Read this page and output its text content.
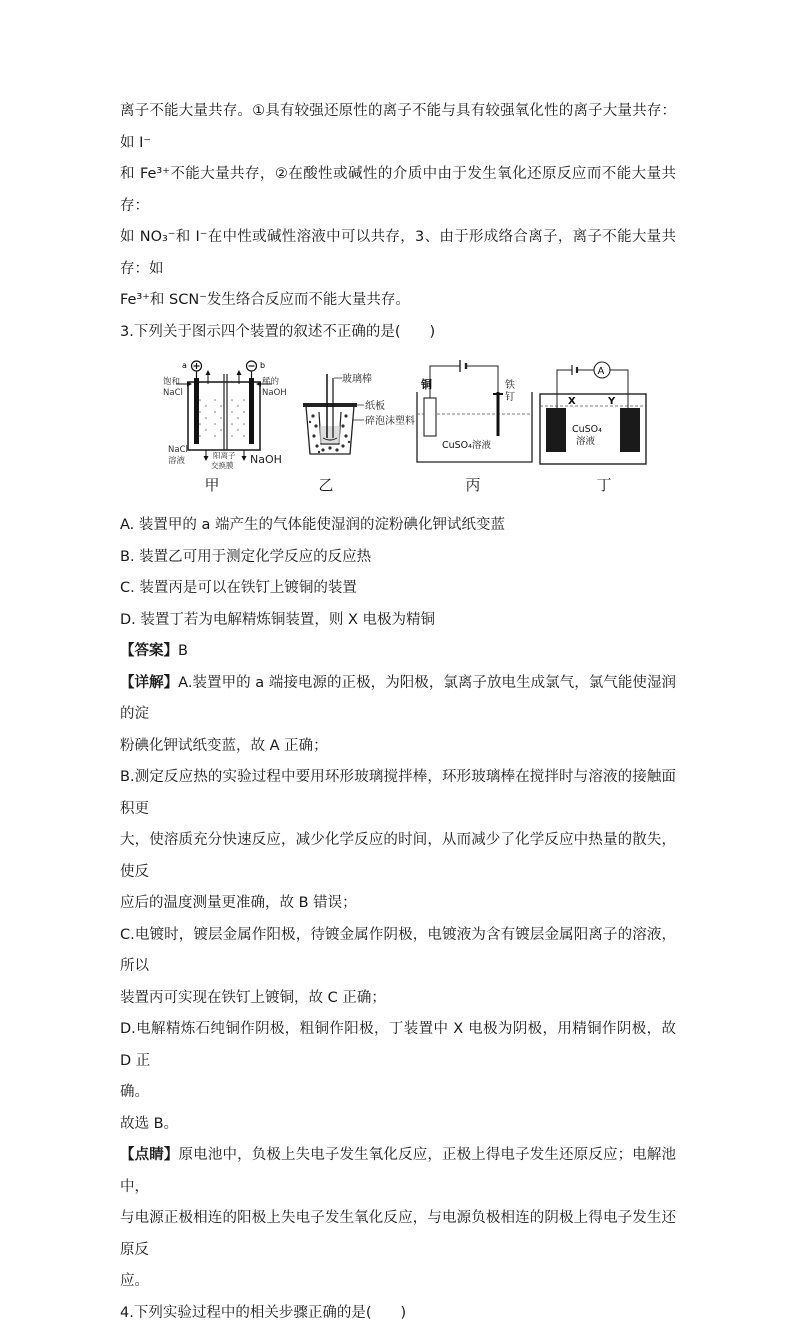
离子不能大量共存。①具有较强还原性的离子不能与具有较强氧化性的离子大量共存：如 I⁻

和 Fe³⁺不能大量共存，②在酸性或碱性的介质中由于发生氧化还原反应而不能大量共存：

如 NO₃⁻和 I⁻在中性或碱性溶液中可以共存，3、由于形成络合离子，离子不能大量共存：如

Fe³⁺和 SCN⁻发生络合反应而不能大量共存。

3.下列关于图示四个装置的叙述不正确的是(　　)

a	b
饱和
NaCl
稀的
NaOH
NaCl
溶液
阳离子
交换膜 NaOH
玻璃棒
纸板
碎泡沫塑料
铜	铁
钉
CuSO₄溶液
A
X	Y
CuSO₄
溶液
甲	乙	丙	丁

A. 装置甲的 a 端产生的气体能使湿润的淀粉碘化钾试纸变蓝

B. 装置乙可用于测定化学反应的反应热

C. 装置丙是可以在铁钉上镀铜的装置

D. 装置丁若为电解精炼铜装置，则 X 电极为精铜

【答案】B

【详解】A.装置甲的 a 端接电源的正极，为阳极，氯离子放电生成氯气，氯气能使湿润的淀

粉碘化钾试纸变蓝，故 A 正确；

B.测定反应热的实验过程中要用环形玻璃搅拌棒，环形玻璃棒在搅拌时与溶液的接触面积更

大，使溶质充分快速反应，减少化学反应的时间，从而减少了化学反应中热量的散失，使反

应后的温度测量更准确，故 B 错误；

C.电镀时，镀层金属作阳极，待镀金属作阴极，电镀液为含有镀层金属阳离子的溶液，所以

装置丙可实现在铁钉上镀铜，故 C 正确；

D.电解精炼石纯铜作阴极，粗铜作阳极，丁装置中 X 电极为阴极，用精铜作阴极，故 D 正

确。

故选 B。

【点睛】原电池中，负极上失电子发生氧化反应，正极上得电子发生还原反应；电解池中，

与电源正极相连的阳极上失电子发生氧化反应，与电源负极相连的阴极上得电子发生还原反

应。

4.下列实验过程中的相关步骤正确的是(　　)
